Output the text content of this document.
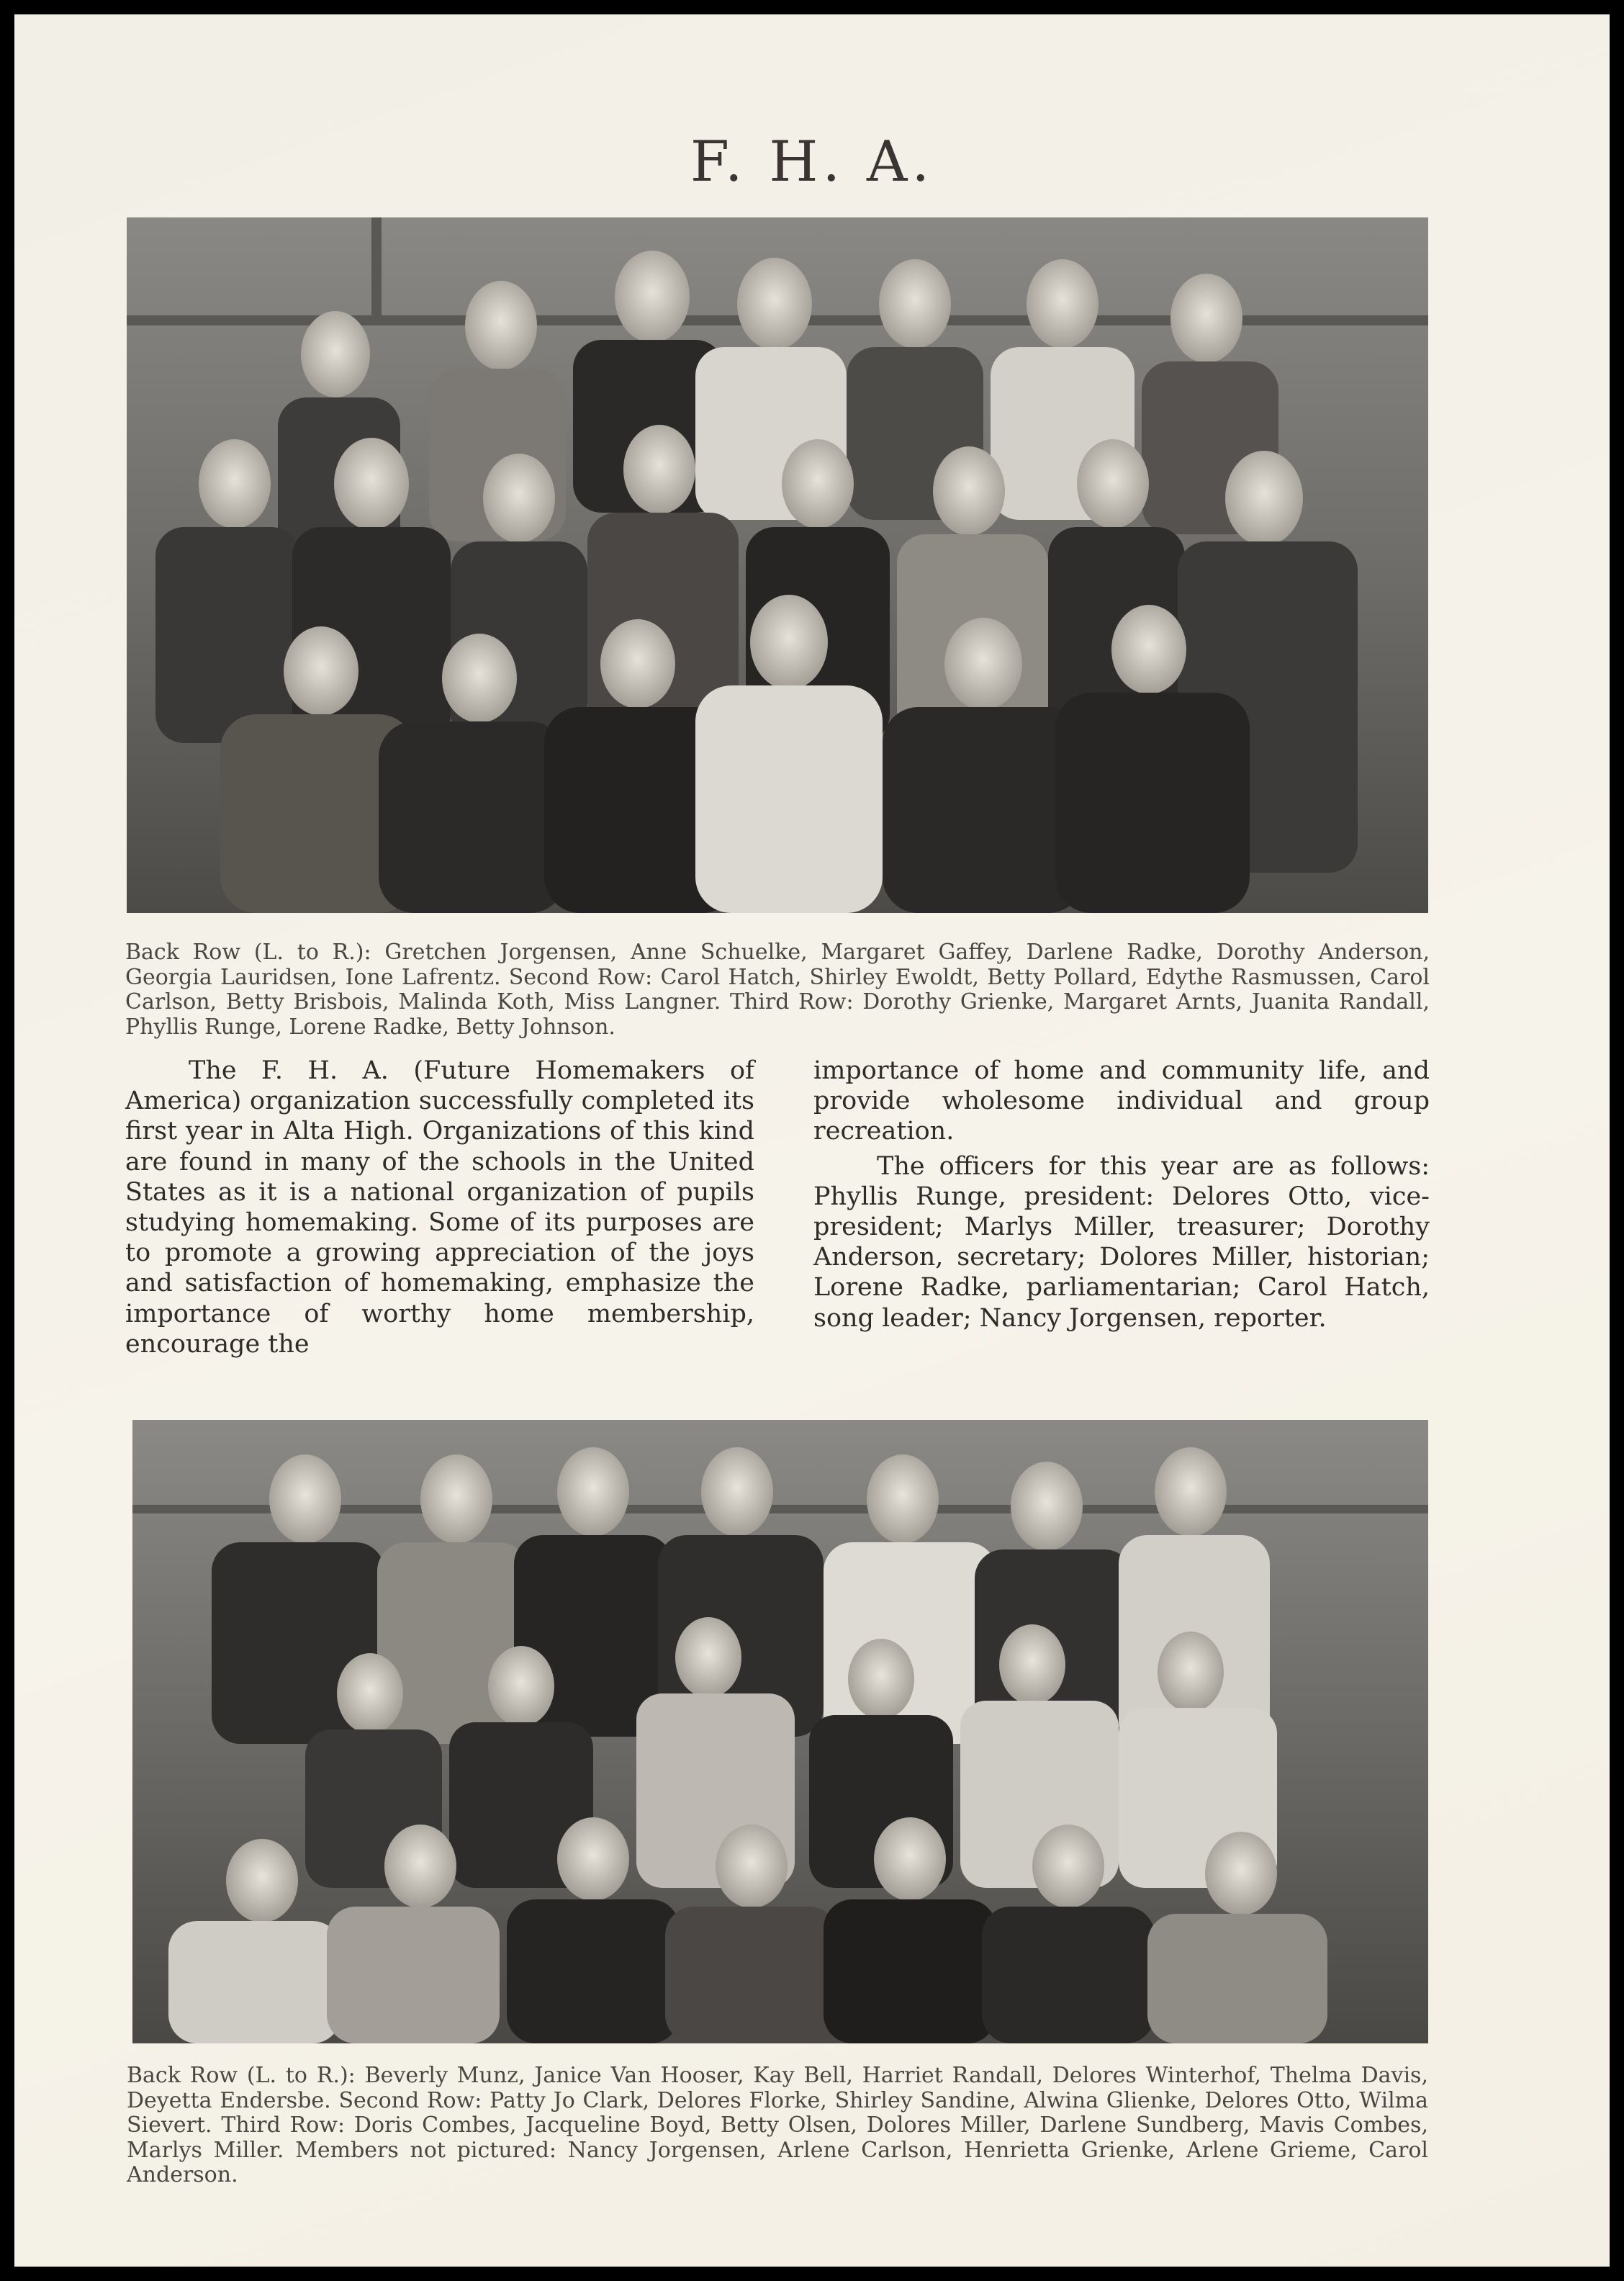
F. H. A.
Back Row (L. to R.): Gretchen Jorgensen, Anne Schuelke, Margaret Gaffey, Darlene Radke, Dorothy Anderson, Georgia Lauridsen, Ione Lafrentz. Second Row: Carol Hatch, Shirley Ewoldt, Betty Pollard, Edythe Rasmussen, Carol Carlson, Betty Brisbois, Malinda Koth, Miss Langner. Third Row: Dorothy Grienke, Margaret Arnts, Juanita Randall, Phyllis Runge, Lorene Radke, Betty Johnson.

The F. H. A. (Future Homemakers of America) organization successfully completed its first year in Alta High. Organizations of this kind are found in many of the schools in the United States as it is a national organization of pupils studying homemaking. Some of its purposes are to promote a growing appreciation of the joys and satisfaction of homemaking, emphasize the importance of worthy home membership, encourage the

importance of home and community life, and provide wholesome individual and group recreation.

The officers for this year are as follows: Phyllis Runge, president: Delores Otto, vice-president; Marlys Miller, treasurer; Dorothy Anderson, secretary; Dolores Miller, historian; Lorene Radke, parliamentarian; Carol Hatch, song leader; Nancy Jorgensen, reporter.

Back Row (L. to R.): Beverly Munz, Janice Van Hooser, Kay Bell, Harriet Randall, Delores Winterhof, Thelma Davis, Deyetta Endersbe. Second Row: Patty Jo Clark, Delores Florke, Shirley Sandine, Alwina Glienke, Delores Otto, Wilma Sievert. Third Row: Doris Combes, Jacqueline Boyd, Betty Olsen, Dolores Miller, Darlene Sundberg, Mavis Combes, Marlys Miller. Members not pictured: Nancy Jorgensen, Arlene Carlson, Henrietta Grienke, Arlene Grieme, Carol Anderson.
